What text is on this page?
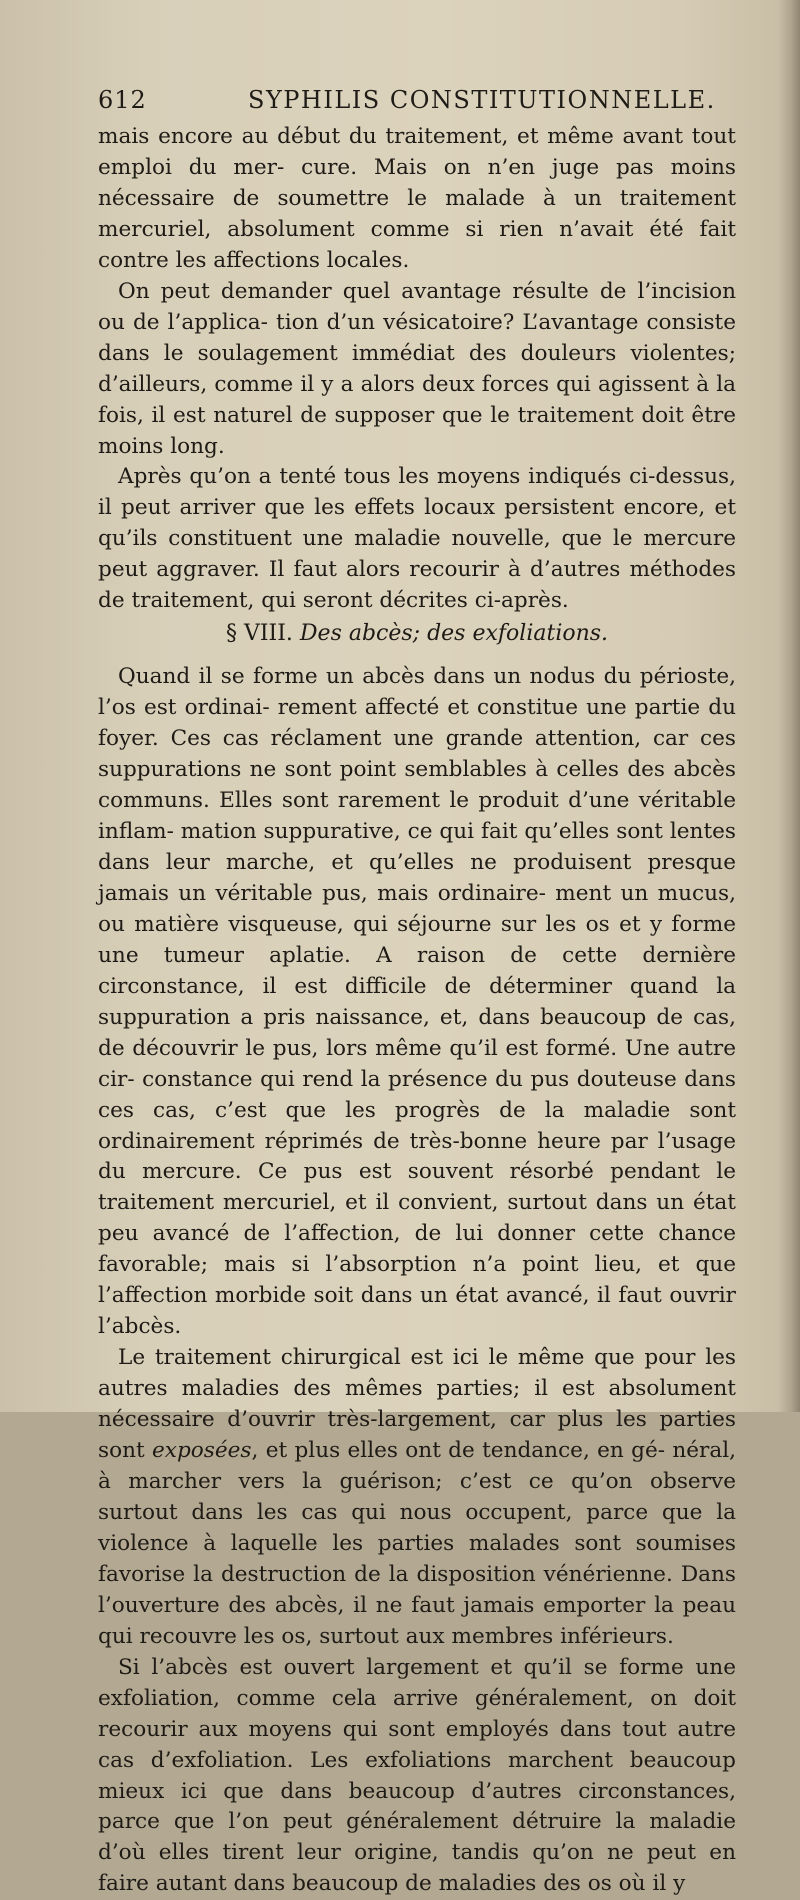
612	SYPHILIS CONSTITUTIONNELLE.

mais encore au début du traitement, et même avant tout emploi du mer- cure. Mais on n’en juge pas moins nécessaire de soumettre le malade à un traitement mercuriel, absolument comme si rien n’avait été fait contre les affections locales.

On peut demander quel avantage résulte de l’incision ou de l’applica- tion d’un vésicatoire? L’avantage consiste dans le soulagement immédiat des douleurs violentes; d’ailleurs, comme il y a alors deux forces qui agissent à la fois, il est naturel de supposer que le traitement doit être moins long.

Après qu’on a tenté tous les moyens indiqués ci-dessus, il peut arriver que les effets locaux persistent encore, et qu’ils constituent une maladie nouvelle, que le mercure peut aggraver. Il faut alors recourir à d’autres méthodes de traitement, qui seront décrites ci-après.

§ VIII. Des abcès; des exfoliations.

Quand il se forme un abcès dans un nodus du périoste, l’os est ordinai- rement affecté et constitue une partie du foyer. Ces cas réclament une grande attention, car ces suppurations ne sont point semblables à celles des abcès communs. Elles sont rarement le produit d’une véritable inflam- mation suppurative, ce qui fait qu’elles sont lentes dans leur marche, et qu’elles ne produisent presque jamais un véritable pus, mais ordinaire- ment un mucus, ou matière visqueuse, qui séjourne sur les os et y forme une tumeur aplatie. A raison de cette dernière circonstance, il est difficile de déterminer quand la suppuration a pris naissance, et, dans beaucoup de cas, de découvrir le pus, lors même qu’il est formé. Une autre cir- constance qui rend la présence du pus douteuse dans ces cas, c’est que les progrès de la maladie sont ordinairement réprimés de très-bonne heure par l’usage du mercure. Ce pus est souvent résorbé pendant le traitement mercuriel, et il convient, surtout dans un état peu avancé de l’affection, de lui donner cette chance favorable; mais si l’absorption n’a point lieu, et que l’affection morbide soit dans un état avancé, il faut ouvrir l’abcès.

Le traitement chirurgical est ici le même que pour les autres maladies des mêmes parties; il est absolument nécessaire d’ouvrir très-largement, car plus les parties sont exposées, et plus elles ont de tendance, en gé- néral, à marcher vers la guérison; c’est ce qu’on observe surtout dans les cas qui nous occupent, parce que la violence à laquelle les parties malades sont soumises favorise la destruction de la disposition vénérienne. Dans l’ouverture des abcès, il ne faut jamais emporter la peau qui recouvre les os, surtout aux membres inférieurs.

Si l’abcès est ouvert largement et qu’il se forme une exfoliation, comme cela arrive généralement, on doit recourir aux moyens qui sont employés dans tout autre cas d’exfoliation. Les exfoliations marchent beaucoup mieux ici que dans beaucoup d’autres circonstances, parce que l’on peut généralement détruire la maladie d’où elles tirent leur origine, tandis qu’on ne peut en faire autant dans beaucoup de maladies des os où il y
